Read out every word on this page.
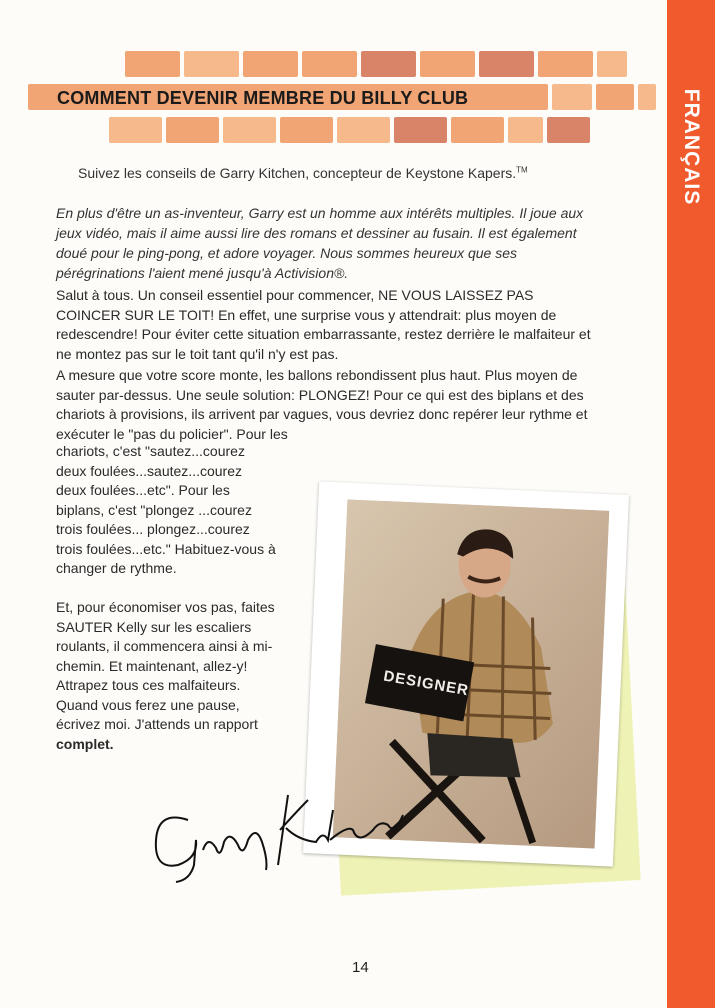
FRANÇAIS
COMMENT DEVENIR MEMBRE DU BILLY CLUB
Suivez les conseils de Garry Kitchen, concepteur de Keystone Kapers.™

En plus d'être un as-inventeur, Garry est un homme aux intérêts multiples. Il joue aux jeux vidéo, mais il aime aussi lire des romans et dessiner au fusain. Il est également doué pour le ping-pong, et adore voyager. Nous sommes heureux que ses pérégrinations l'aient mené jusqu'à Activision®.

Salut à tous. Un conseil essentiel pour commencer, NE VOUS LAISSEZ PAS COINCER SUR LE TOIT! En effet, une surprise vous y attendrait: plus moyen de redescendre! Pour éviter cette situation embarrassante, restez derrière le malfaiteur et ne montez pas sur le toit tant qu'il n'y est pas.

A mesure que votre score monte, les ballons rebondissent plus haut. Plus moyen de sauter par-dessus. Une seule solution: PLONGEZ! Pour ce qui est des biplans et des chariots à provisions, ils arrivent par vagues, vous devriez donc repérer leur rythme et exécuter le "pas du policier". Pour les

chariots, c'est "sautez...courez deux foulées...sautez...courez deux foulées...etc". Pour les biplans, c'est "plongez ...courez trois foulées... plongez...courez trois foulées...etc." Habituez-vous à changer de rythme.

Et, pour économiser vos pas, faites SAUTER Kelly sur les escaliers roulants, il commencera ainsi à mi-chemin. Et maintenant, allez-y! Attrapez tous ces malfaiteurs. Quand vous ferez une pause, écrivez moi. J'attends un rapport complet.

DESIGNER
14
